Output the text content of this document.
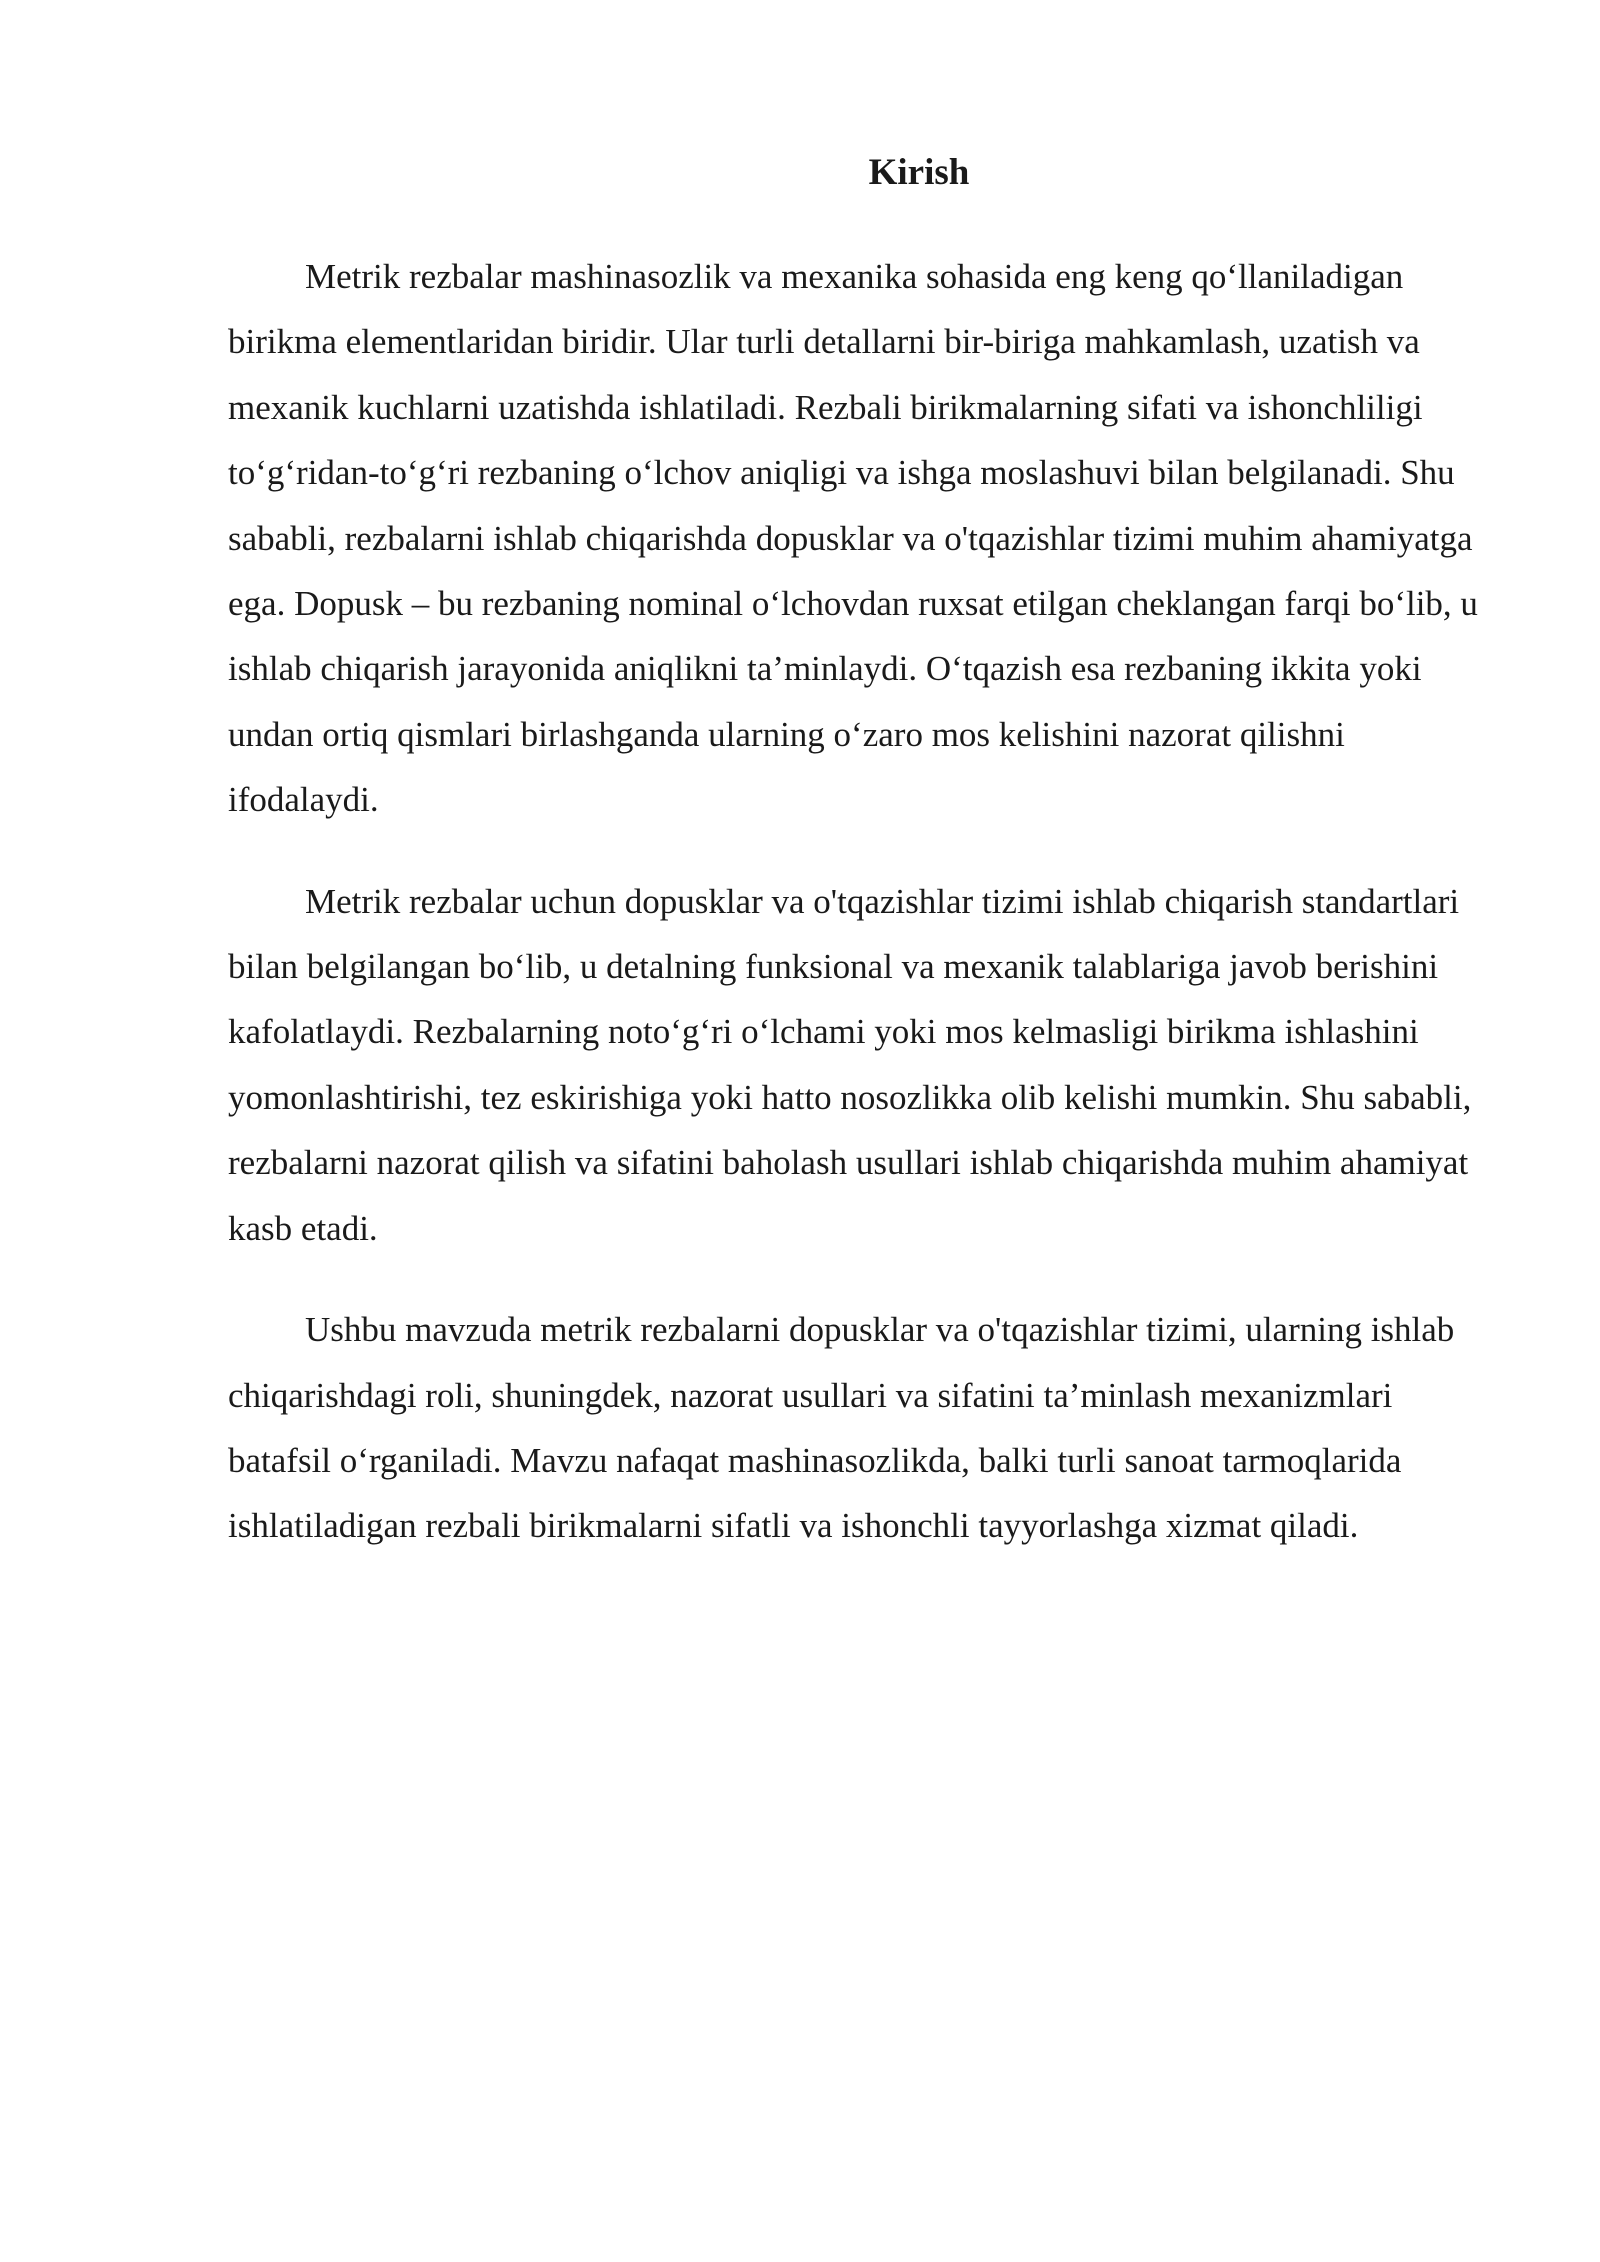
Kirish

Metrik rezbalar mashinasozlik va mexanika sohasida eng keng qo‘llaniladigan birikma elementlaridan biridir. Ular turli detallarni bir-biriga mahkamlash, uzatish va mexanik kuchlarni uzatishda ishlatiladi. Rezbali birikmalarning sifati va ishonchliligi to‘g‘ridan-to‘g‘ri rezbaning o‘lchov aniqligi va ishga moslashuvi bilan belgilanadi. Shu sababli, rezbalarni ishlab chiqarishda dopusklar va o'tqazishlar tizimi muhim ahamiyatga ega. Dopusk – bu rezbaning nominal o‘lchovdan ruxsat etilgan cheklangan farqi bo‘lib, u ishlab chiqarish jarayonida aniqlikni ta’minlaydi. O‘tqazish esa rezbaning ikkita yoki undan ortiq qismlari birlashganda ularning o‘zaro mos kelishini nazorat qilishni ifodalaydi.

Metrik rezbalar uchun dopusklar va o'tqazishlar tizimi ishlab chiqarish standartlari bilan belgilangan bo‘lib, u detalning funksional va mexanik talablariga javob berishini kafolatlaydi. Rezbalarning noto‘g‘ri o‘lchami yoki mos kelmasligi birikma ishlashini yomonlashtirishi, tez eskirishiga yoki hatto nosozlikka olib kelishi mumkin. Shu sababli, rezbalarni nazorat qilish va sifatini baholash usullari ishlab chiqarishda muhim ahamiyat kasb etadi.

Ushbu mavzuda metrik rezbalarni dopusklar va o'tqazishlar tizimi, ularning ishlab chiqarishdagi roli, shuningdek, nazorat usullari va sifatini ta’minlash mexanizmlari batafsil o‘rganiladi. Mavzu nafaqat mashinasozlikda, balki turli sanoat tarmoqlarida ishlatiladigan rezbali birikmalarni sifatli va ishonchli tayyorlashga xizmat qiladi.
